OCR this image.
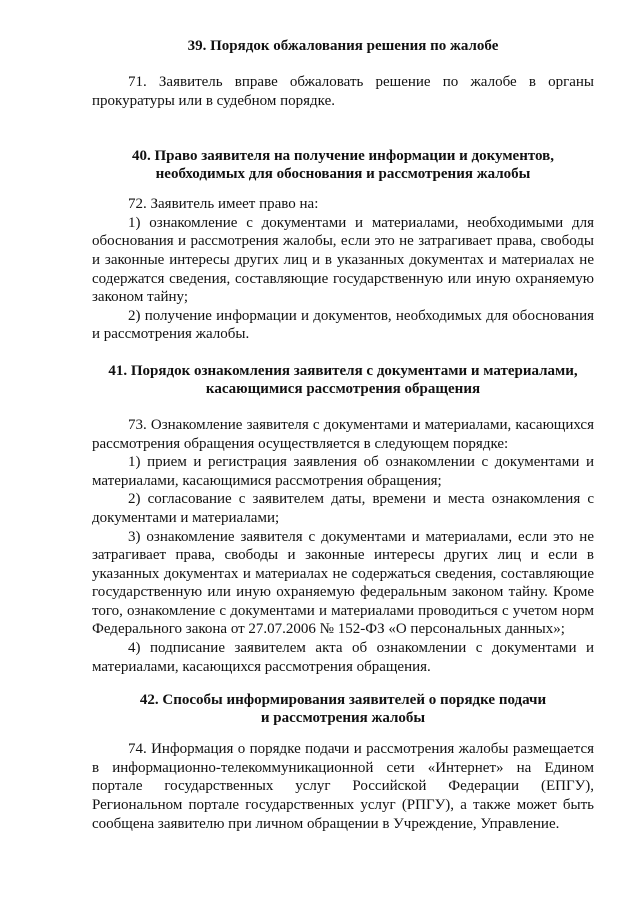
39. Порядок обжалования решения по жалобе

71. Заявитель вправе обжаловать решение по жалобе в органы прокуратуры или в судебном порядке.

40. Право заявителя на получение информации и документов,
необходимых для обоснования и рассмотрения жалобы

72. Заявитель имеет право на:

1) ознакомление с документами и материалами, необходимыми для обоснования и рассмотрения жалобы, если это не затрагивает права, свободы и законные интересы других лиц и в указанных документах и материалах не содержатся сведения, составляющие государственную или иную охраняемую законом тайну;

2) получение информации и документов, необходимых для обоснования и рассмотрения жалобы.

41. Порядок ознакомления заявителя с документами и материалами,
касающимися рассмотрения обращения

73. Ознакомление заявителя с документами и материалами, касающихся рассмотрения обращения осуществляется в следующем порядке:

1) прием и регистрация заявления об ознакомлении с документами и материалами, касающимися рассмотрения обращения;

2) согласование с заявителем даты, времени и места ознакомления с документами и материалами;

3) ознакомление заявителя с документами и материалами, если это не затрагивает права, свободы и законные интересы других лиц и если в указанных документах и материалах не содержаться сведения, составляющие государственную или иную охраняемую федеральным законом тайну. Кроме того, ознакомление с документами и материалами проводиться с учетом норм Федерального закона от 27.07.2006 № 152-ФЗ «О персональных данных»;

4) подписание заявителем акта об ознакомлении с документами и материалами, касающихся рассмотрения обращения.

42. Способы информирования заявителей о порядке подачи
и рассмотрения жалобы

74. Информация о порядке подачи и рассмотрения жалобы размещается в информационно-телекоммуникационной сети «Интернет» на Едином портале государственных услуг Российской Федерации (ЕПГУ), Региональном портале государственных услуг (РПГУ), а также может быть сообщена заявителю при личном обращении в Учреждение, Управление.
